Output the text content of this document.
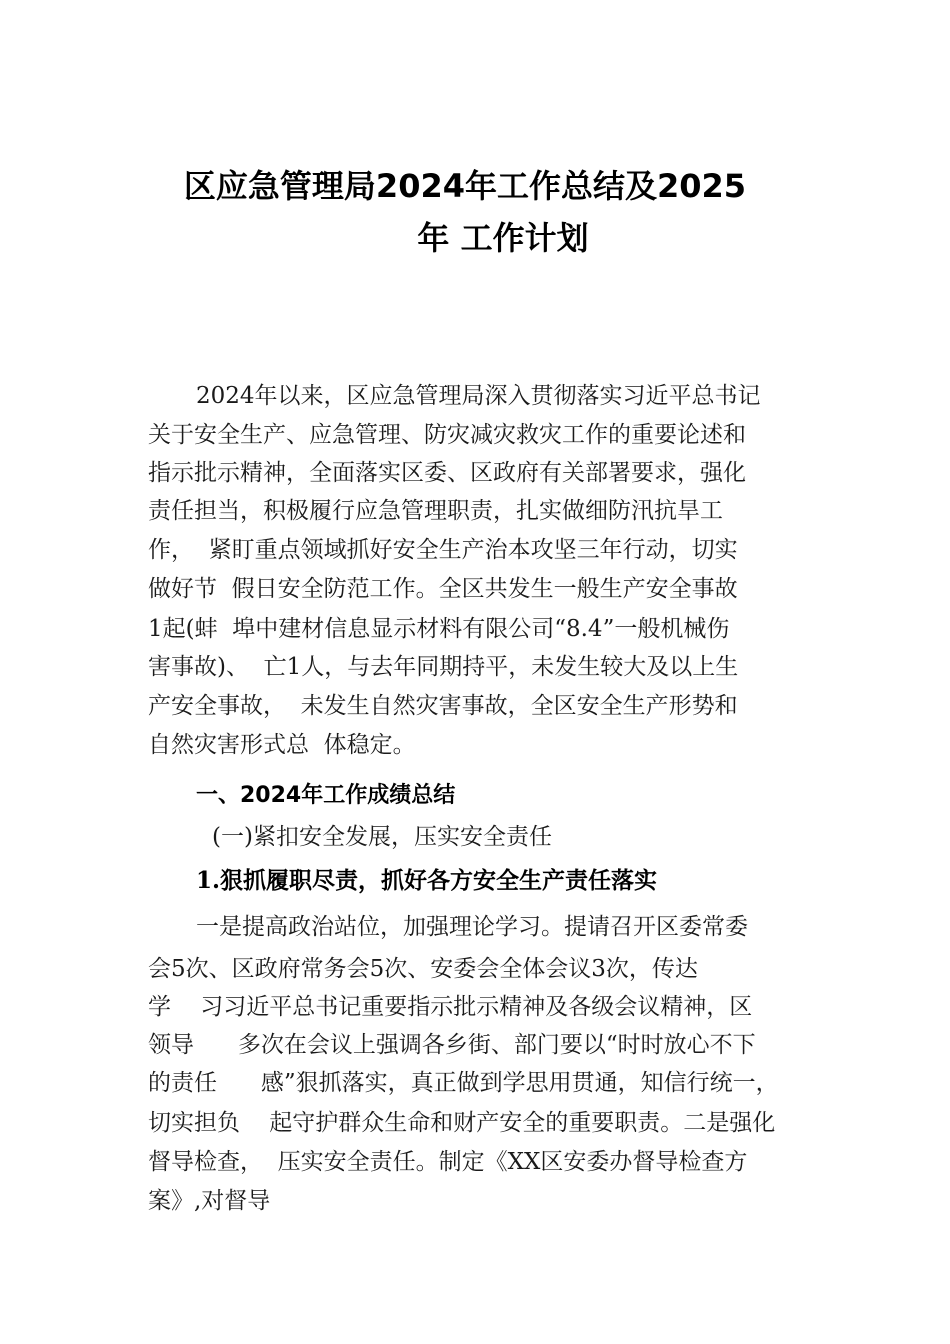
区应急管理局2024年工作总结及2025
年 工作计划
2024年以来，区应急管理局深入贯彻落实习近平总书记
关于安全生产、应急管理、防灾减灾救灾工作的重要论述和
指示批示精神，全面落实区委、区政府有关部署要求，强化
责任担当，积极履行应急管理职责，扎实做细防汛抗旱工
作，  紧盯重点领域抓好安全生产治本攻坚三年行动，切实
做好节  假日安全防范工作。全区共发生一般生产安全事故
1起(蚌  埠中建材信息显示材料有限公司“8.4”一般机械伤
害事故)、  亡1人，与去年同期持平，未发生较大及以上生
产安全事故，  未发生自然灾害事故，全区安全生产形势和
自然灾害形式总  体稳定。
一、2024年工作成绩总结
(一)紧扣安全发展，压实安全责任
1.狠抓履职尽责，抓好各方安全生产责任落实
一是提高政治站位，加强理论学习。提请召开区委常委
会5次、区政府常务会5次、安委会全体会议3次，传达
学    习习近平总书记重要指示批示精神及各级会议精神，区
领导      多次在会议上强调各乡街、部门要以“时时放心不下
的责任      感”狠抓落实，真正做到学思用贯通，知信行统一，
切实担负    起守护群众生命和财产安全的重要职责。二是强化
督导检查，  压实安全责任。制定《XX区安委办督导检查方
案》,对督导
